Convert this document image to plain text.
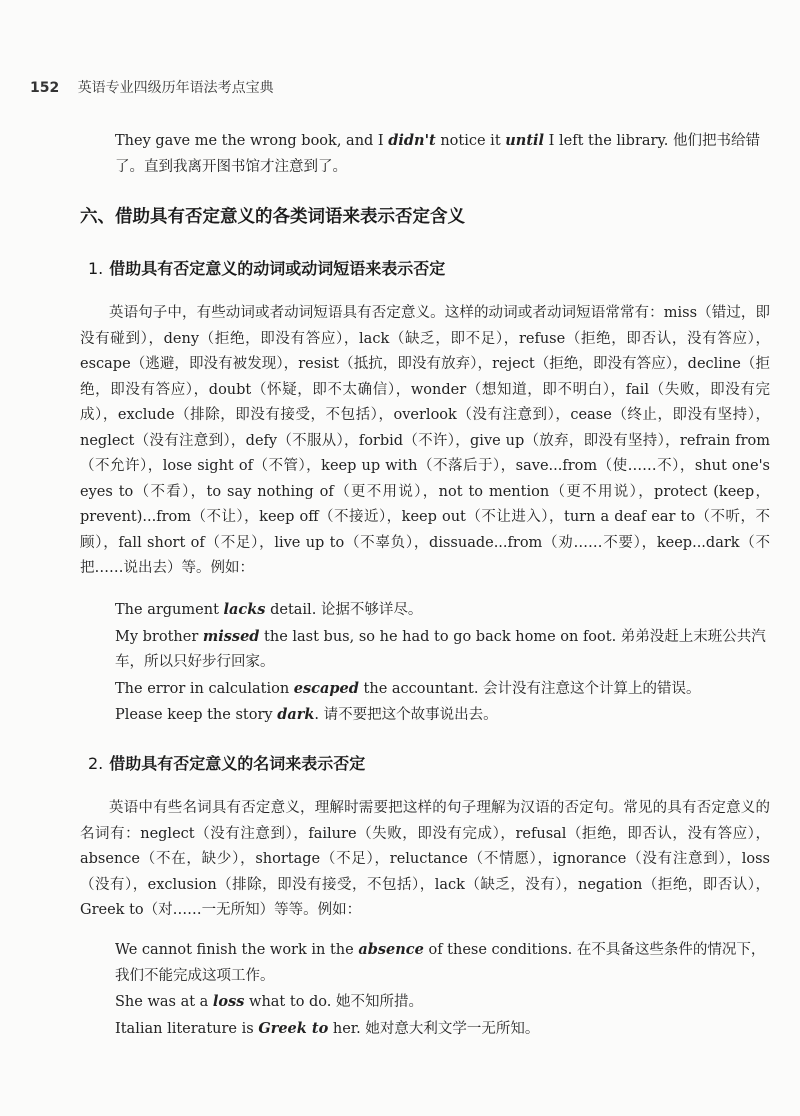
152 英语专业四级历年语法考点宝典

They gave me the wrong book, and I didn't notice it until I left the library. 他们把书给错了。直到我离开图书馆才注意到了。

六、借助具有否定意义的各类词语来表示否定含义
1. 借助具有否定意义的动词或动词短语来表示否定
英语句子中，有些动词或者动词短语具有否定意义。这样的动词或者动词短语常常有：miss（错过，即没有碰到），deny（拒绝，即没有答应），lack（缺乏，即不足），refuse（拒绝，即否认，没有答应），escape（逃避，即没有被发现），resist（抵抗，即没有放弃），reject（拒绝，即没有答应），decline（拒绝，即没有答应），doubt（怀疑，即不太确信），wonder（想知道，即不明白），fail（失败，即没有完成），exclude（排除，即没有接受，不包括），overlook（没有注意到），cease（终止，即没有坚持），neglect（没有注意到），defy（不服从），forbid（不许），give up（放弃，即没有坚持），refrain from（不允许），lose sight of（不管），keep up with（不落后于），save...from（使……不），shut one's eyes to（不看），to say nothing of（更不用说），not to mention（更不用说），protect (keep，prevent)...from（不让），keep off（不接近），keep out（不让进入），turn a deaf ear to（不听，不顾），fall short of（不足），live up to（不辜负），dissuade...from（劝……不要），keep...dark（不把……说出去）等。例如：

The argument lacks detail. 论据不够详尽。

My brother missed the last bus, so he had to go back home on foot. 弟弟没赶上末班公共汽车，所以只好步行回家。

The error in calculation escaped the accountant. 会计没有注意这个计算上的错误。

Please keep the story dark. 请不要把这个故事说出去。

2. 借助具有否定意义的名词来表示否定
英语中有些名词具有否定意义，理解时需要把这样的句子理解为汉语的否定句。常见的具有否定意义的名词有：neglect（没有注意到），failure（失败，即没有完成），refusal（拒绝，即否认，没有答应），absence（不在，缺少），shortage（不足），reluctance（不情愿），ignorance（没有注意到），loss（没有），exclusion（排除，即没有接受，不包括），lack（缺乏，没有），negation（拒绝，即否认），Greek to（对……一无所知）等等。例如：

We cannot finish the work in the absence of these conditions. 在不具备这些条件的情况下，我们不能完成这项工作。

She was at a loss what to do. 她不知所措。

Italian literature is Greek to her. 她对意大利文学一无所知。
